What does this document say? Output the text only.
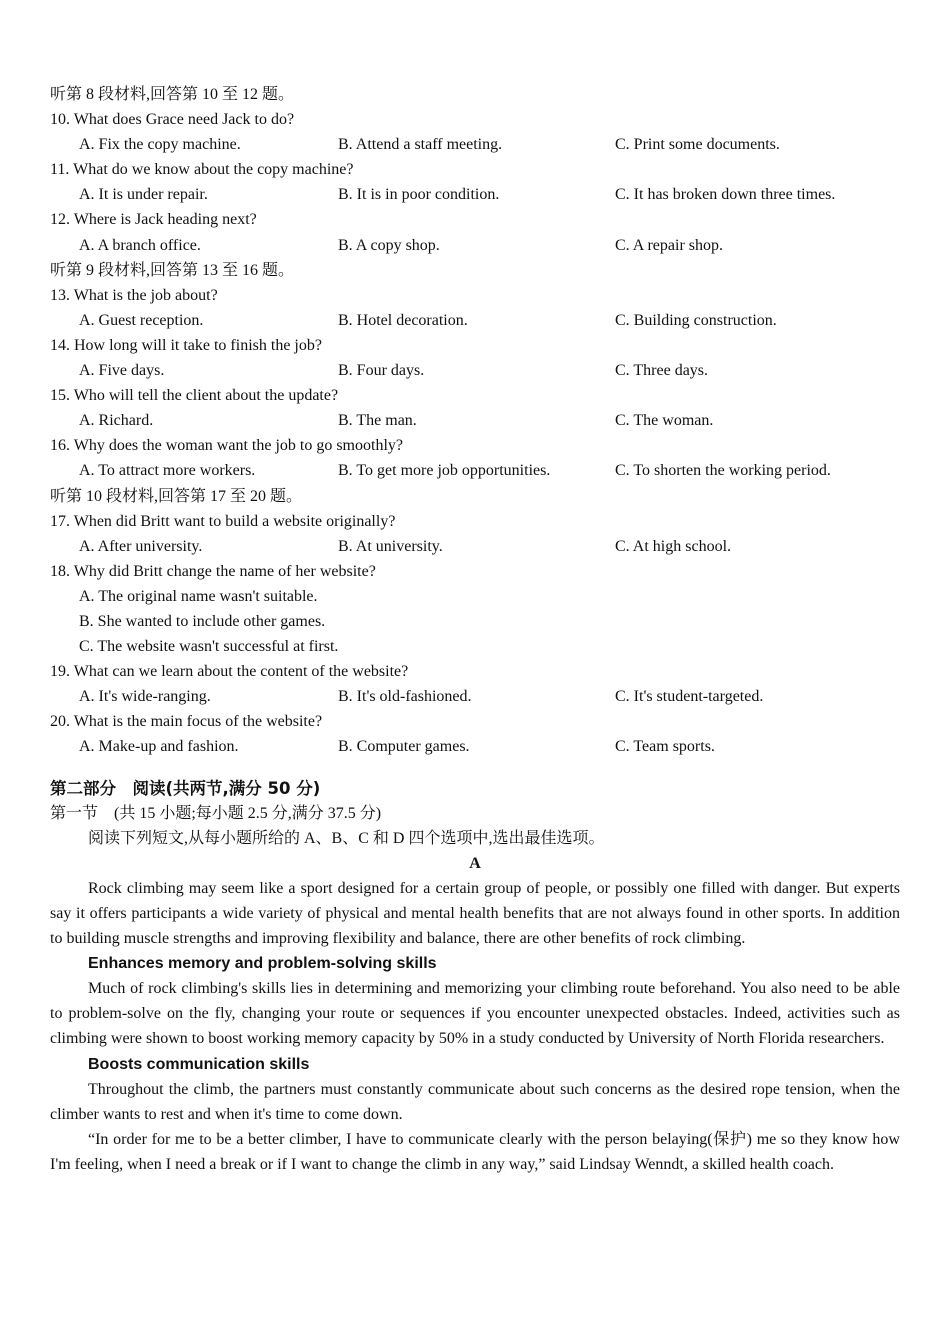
听第 8 段材料,回答第 10 至 12 题。
10. What does Grace need Jack to do?
A. Fix the copy machine.	B. Attend a staff meeting.	C. Print some documents.
11. What do we know about the copy machine?
A. It is under repair.	B. It is in poor condition.	C. It has broken down three times.
12. Where is Jack heading next?
A. A branch office.	B. A copy shop.	C. A repair shop.
听第 9 段材料,回答第 13 至 16 题。
13. What is the job about?
A. Guest reception.	B. Hotel decoration.	C. Building construction.
14. How long will it take to finish the job?
A. Five days.	B. Four days.	C. Three days.
15. Who will tell the client about the update?
A. Richard.	B. The man.	C. The woman.
16. Why does the woman want the job to go smoothly?
A. To attract more workers.	B. To get more job opportunities.	C. To shorten the working period.
听第 10 段材料,回答第 17 至 20 题。
17. When did Britt want to build a website originally?
A. After university.	B. At university.	C. At high school.
18. Why did Britt change the name of her website?
A. The original name wasn't suitable.
B. She wanted to include other games.
C. The website wasn't successful at first.
19. What can we learn about the content of the website?
A. It's wide-ranging.	B. It's old-fashioned.	C. It's student-targeted.
20. What is the main focus of the website?
A. Make-up and fashion.	B. Computer games.	C. Team sports.
第二部分　阅读(共两节,满分 50 分)
第一节　(共 15 小题;每小题 2.5 分,满分 37.5 分)
阅读下列短文,从每小题所给的 A、B、C 和 D 四个选项中,选出最佳选项。
A

Rock climbing may seem like a sport designed for a certain group of people, or possibly one filled with danger. But experts say it offers participants a wide variety of physical and mental health benefits that are not always found in other sports. In addition to building muscle strengths and improving flexibility and balance, there are other benefits of rock climbing.

Enhances memory and problem-solving skills

Much of rock climbing's skills lies in determining and memorizing your climbing route beforehand. You also need to be able to problem-solve on the fly, changing your route or sequences if you encounter unexpected obstacles. Indeed, activities such as climbing were shown to boost working memory capacity by 50% in a study conducted by University of North Florida researchers.

Boosts communication skills

Throughout the climb, the partners must constantly communicate about such concerns as the desired rope tension, when the climber wants to rest and when it's time to come down.

“In order for me to be a better climber, I have to communicate clearly with the person belaying(保护) me so they know how I'm feeling, when I need a break or if I want to change the climb in any way,” said Lindsay Wenndt, a skilled health coach.
